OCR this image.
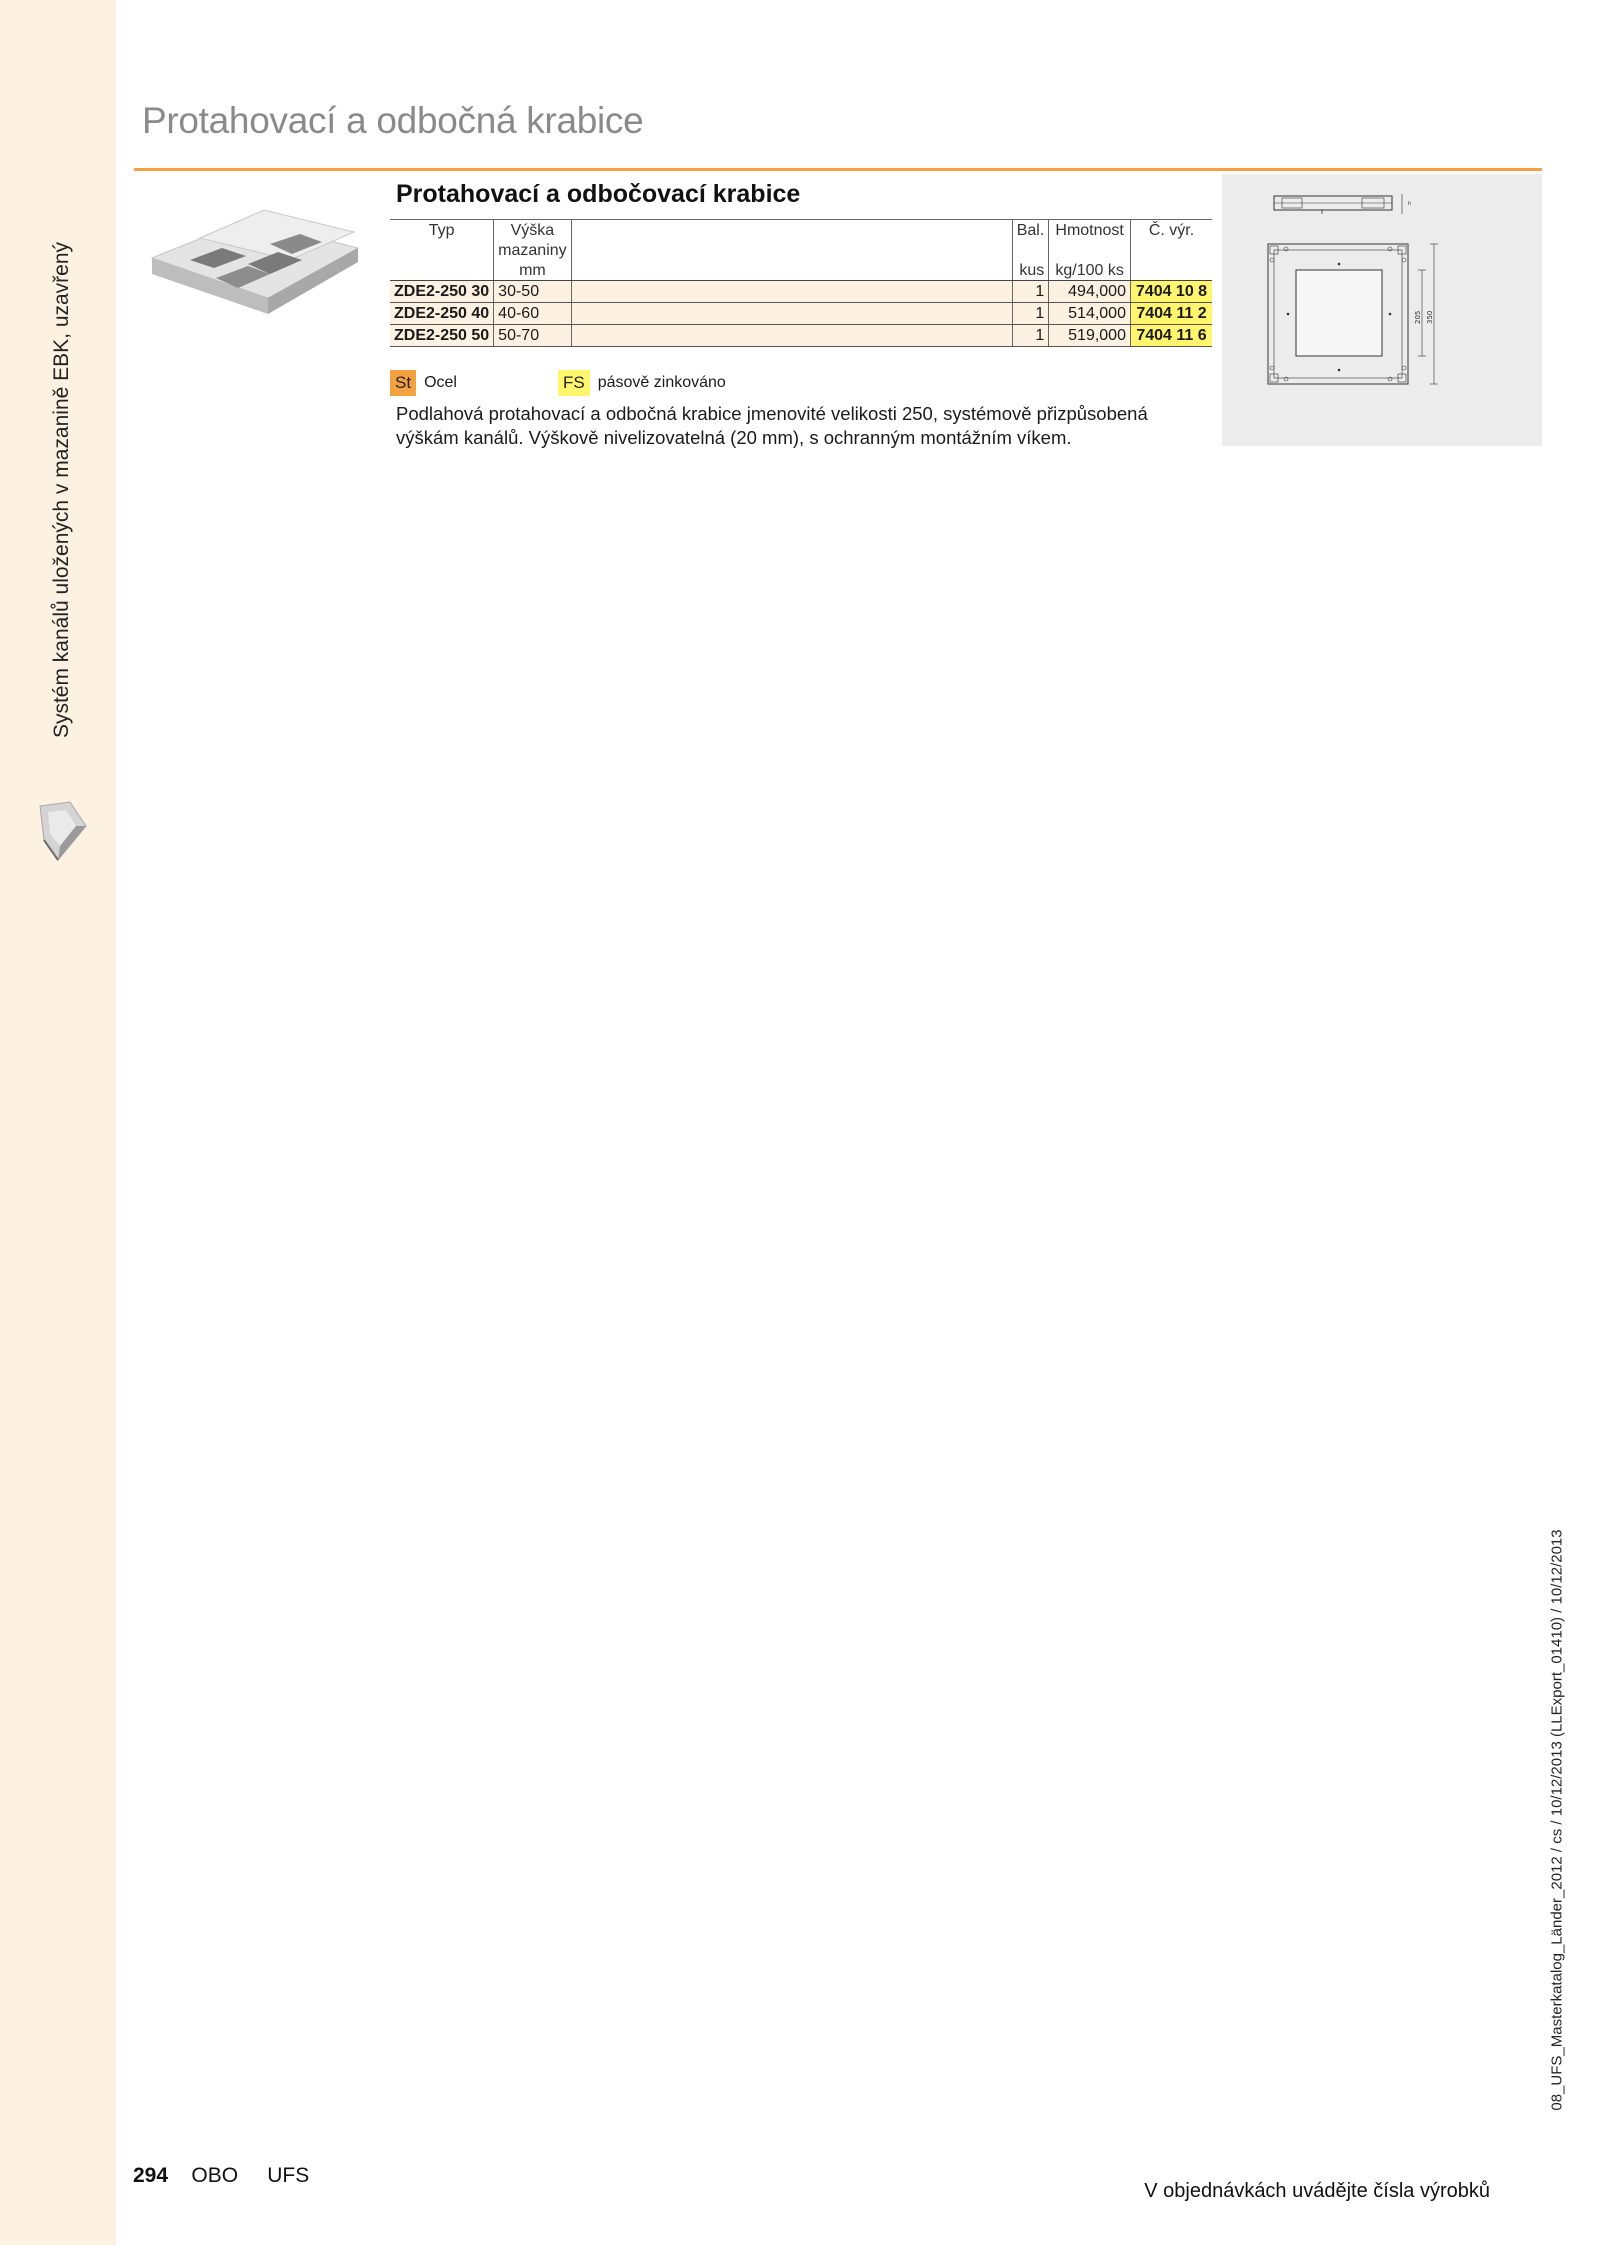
Systém kanálů uložených v mazanině EBK, uzavřený
Protahovací a odbočná krabice
Protahovací a odbočovací krabice
Typ	Výška		Bal.	Hmotnost	Č. výr.
	mazaniny				
	mm		kus	kg/100 ks	
ZDE2-250 30	30-50		1	494,000	7404 10 8
ZDE2-250 40	40-60		1	514,000	7404 11 2
ZDE2-250 50	50-70		1	519,000	7404 11 6
St Ocel	FS pásově zinkováno

Podlahová protahovací a odbočná krabice jmenovité velikosti 250, systémově přizpůsobená výškám kanálů. Výškově nivelizovatelná (20 mm), s ochranným montážním víkem.

h
205 350
294 OBO UFS
V objednávkách uvádějte čísla výrobků
08_UFS_Masterkatalog_Länder_2012 / cs / 10/12/2013 (LLExport_01410) / 10/12/2013
